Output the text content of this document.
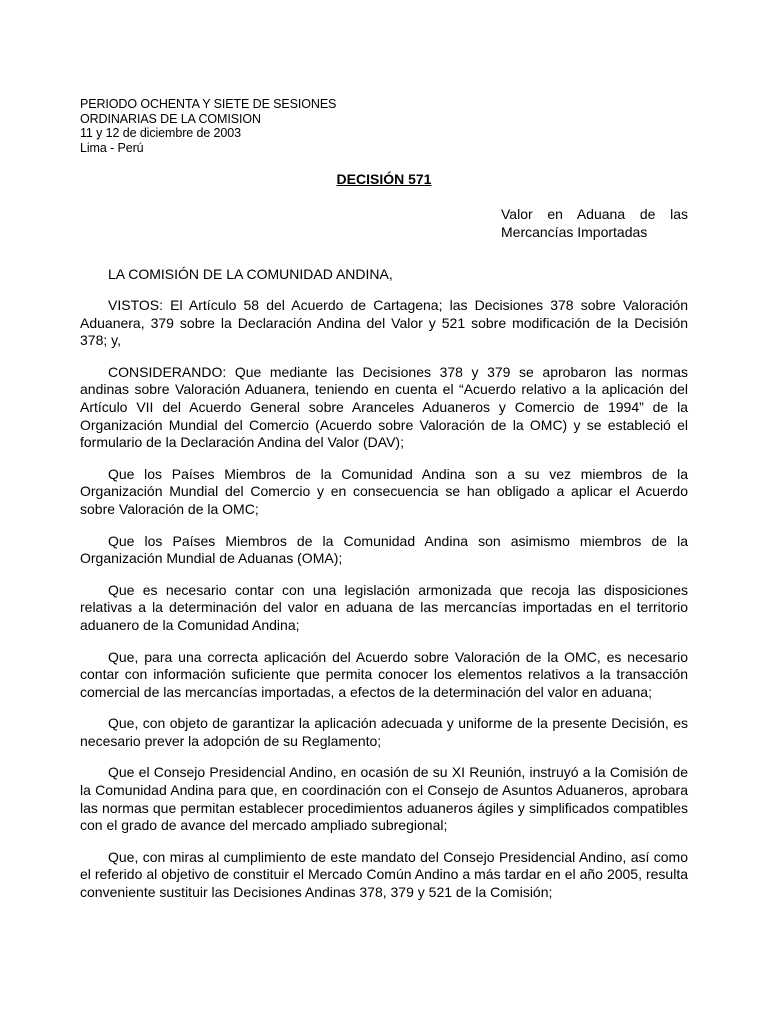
PERIODO OCHENTA Y SIETE DE SESIONES
ORDINARIAS DE LA COMISION
11 y 12 de diciembre de 2003
Lima - Perú
DECISIÓN 571
Valor en Aduana de las
Mercancías Importadas
LA COMISIÓN DE LA COMUNIDAD ANDINA,

VISTOS: El Artículo 58 del Acuerdo de Cartagena; las Decisiones 378 sobre Valoración Aduanera, 379 sobre la Declaración Andina del Valor y 521 sobre modificación de la Decisión 378; y,

CONSIDERANDO: Que mediante las Decisiones 378 y 379 se aprobaron las normas andinas sobre Valoración Aduanera, teniendo en cuenta el “Acuerdo relativo a la aplicación del Artículo VII del Acuerdo General sobre Aranceles Aduaneros y Comercio de 1994” de la Organización Mundial del Comercio (Acuerdo sobre Valoración de la OMC) y se estableció el formulario de la Declaración Andina del Valor (DAV);

Que los Países Miembros de la Comunidad Andina son a su vez miembros de la Organización Mundial del Comercio y en consecuencia se han obligado a aplicar el Acuerdo sobre Valoración de la OMC;

Que los Países Miembros de la Comunidad Andina son asimismo miembros de la Organización Mundial de Aduanas (OMA);

Que es necesario contar con una legislación armonizada que recoja las disposiciones relativas a la determinación del valor en aduana de las mercancías importadas en el territorio aduanero de la Comunidad Andina;

Que, para una correcta aplicación del Acuerdo sobre Valoración de la OMC, es necesario contar con información suficiente que permita conocer los elementos relativos a la transacción comercial de las mercancías importadas, a efectos de la determinación del valor en aduana;

Que, con objeto de garantizar la aplicación adecuada y uniforme de la presente Decisión, es necesario prever la adopción de su Reglamento;

Que el Consejo Presidencial Andino, en ocasión de su XI Reunión, instruyó a la Comisión de la Comunidad Andina para que, en coordinación con el Consejo de Asuntos Aduaneros, aprobara las normas que permitan establecer procedimientos aduaneros ágiles y simplificados compatibles con el grado de avance del mercado ampliado subregional;

Que, con miras al cumplimiento de este mandato del Consejo Presidencial Andino, así como el referido al objetivo de constituir el Mercado Común Andino a más tardar en el año 2005, resulta conveniente sustituir las Decisiones Andinas 378, 379 y 521 de la Comisión;
